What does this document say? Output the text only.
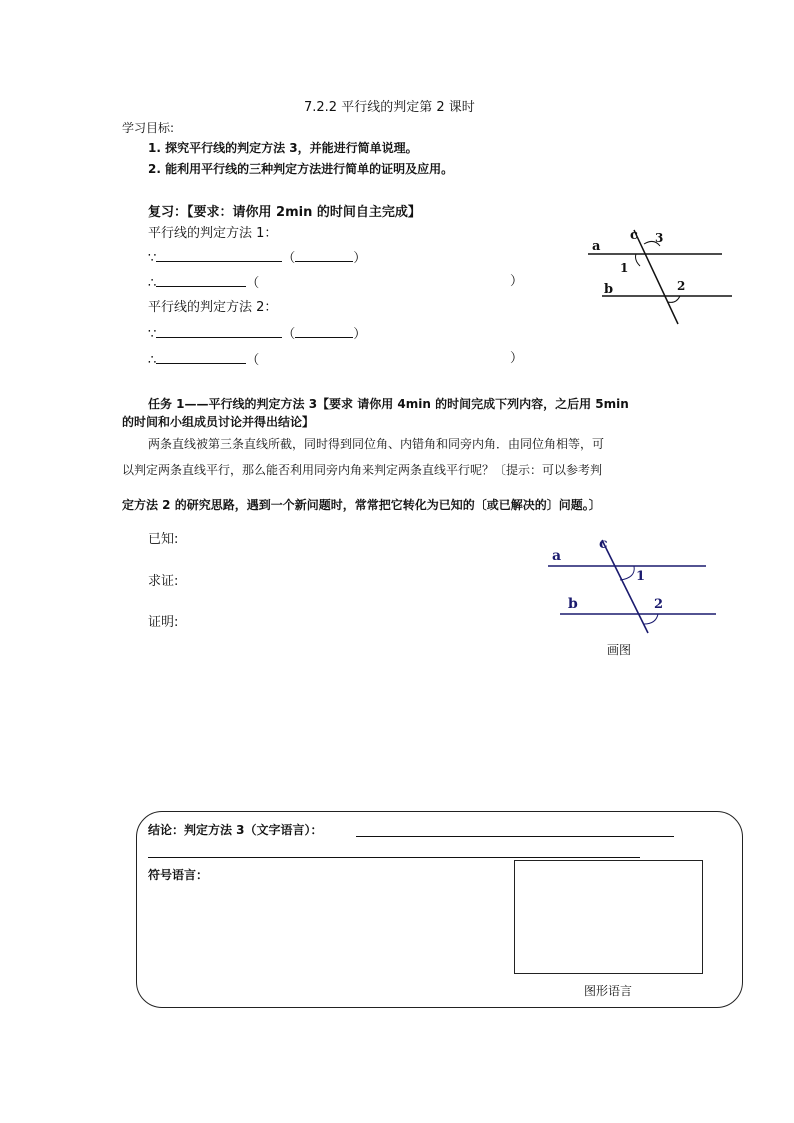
7.2.2 平行线的判定第 2 课时
学习目标:
1. 探究平行线的判定方法 3，并能进行简单说理。
2. 能利用平行线的三种判定方法进行简单的证明及应用。
复习：【要求：请你用 2min 的时间自主完成】
平行线的判定方法 1：
∵	（	）
∴	（	）
平行线的判定方法 2：
∵	（	）
∴	（	）
a
b
c
1
2
3
任务 1——平行线的判定方法 3【要求 请你用 4min 的时间完成下列内容，之后用 5min
的时间和小组成员讨论并得出结论】
两条直线被第三条直线所截，同时得到同位角、内错角和同旁内角．由同位角相等，可
以判定两条直线平行，那么能否利用同旁内角来判定两条直线平行呢？〔提示：可以参考判
定方法 2 的研究思路，遇到一个新问题时，常常把它转化为已知的〔或已解决的〕问题。〕
已知:
求证:
证明:
a
b
c
1
2
画图
结论：判定方法 3（文字语言）：
符号语言：
图形语言
